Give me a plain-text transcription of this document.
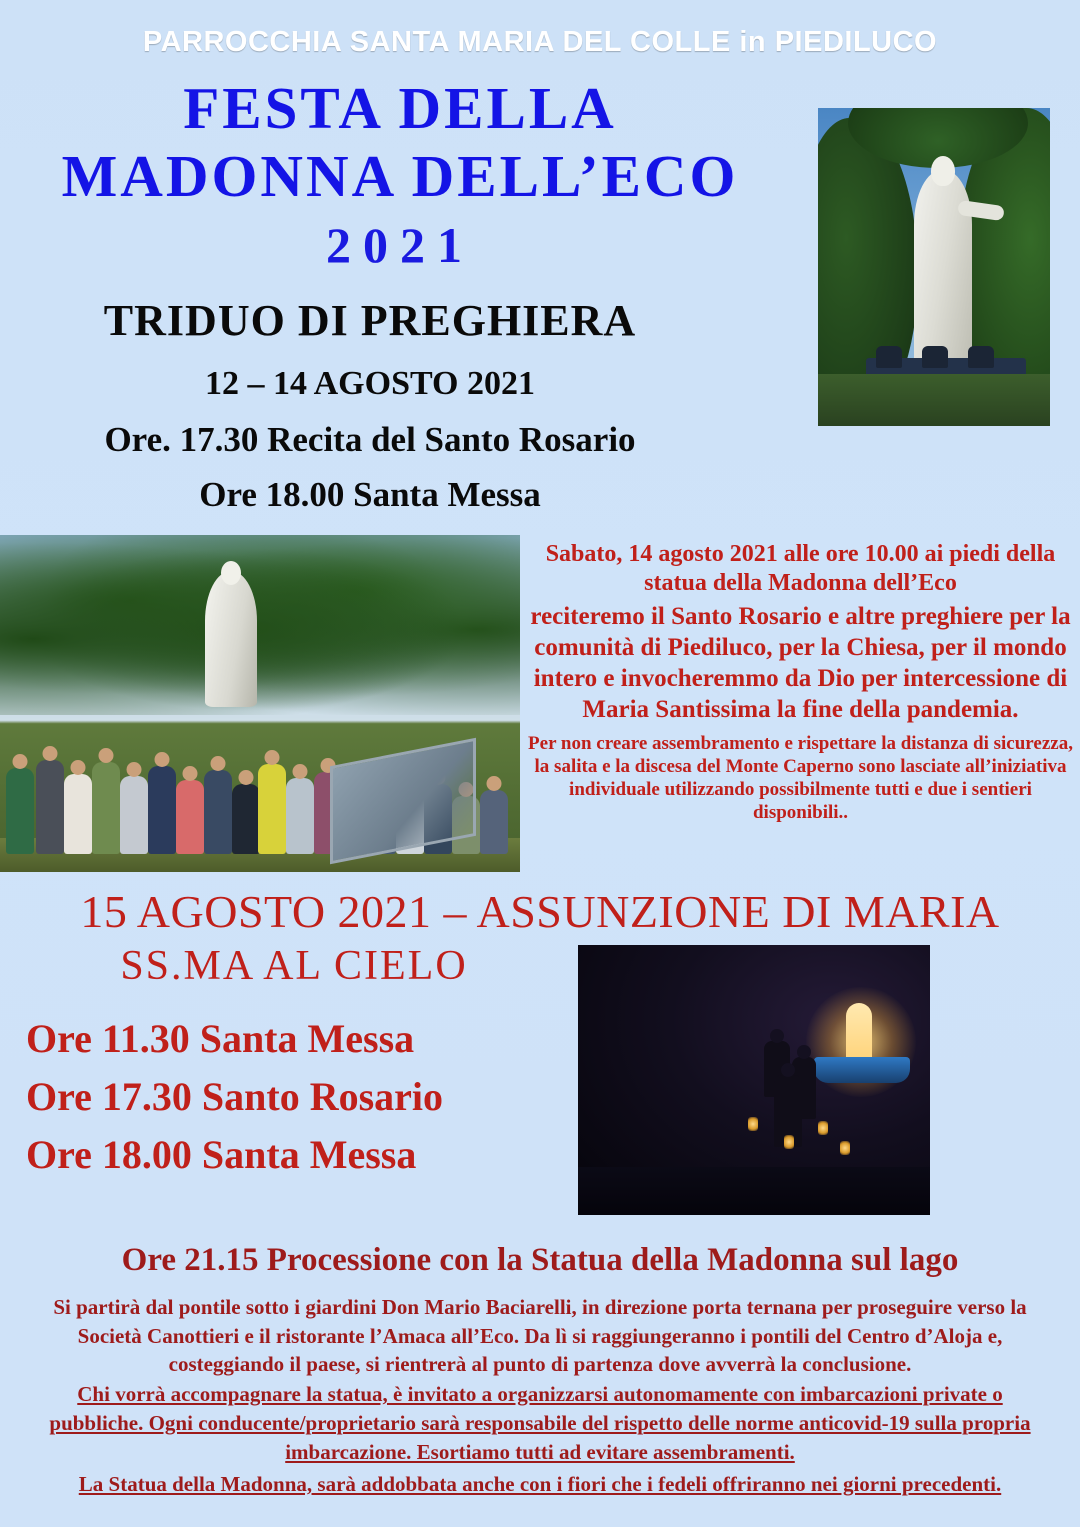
PARROCCHIA SANTA MARIA DEL COLLE in PIEDILUCO
FESTA DELLA
MADONNA DELL’ECO
2021
TRIDUO DI PREGHIERA
12 – 14 AGOSTO 2021
Ore. 17.30 Recita del Santo Rosario
Ore 18.00 Santa Messa
Sabato, 14 agosto 2021 alle ore 10.00 ai piedi della statua della Madonna dell’Eco
reciteremo il Santo Rosario e altre preghiere per la comunità di Piediluco, per la Chiesa, per il mondo intero e invocheremmo da Dio per intercessione di Maria Santissima la fine della pandemia.
Per non creare assembramento e rispettare la distanza di sicurezza, la salita e la discesa del Monte Caperno sono lasciate all’iniziativa individuale utilizzando possibilmente tutti e due i sentieri disponibili..
15 AGOSTO 2021 – ASSUNZIONE DI MARIA
SS.MA AL CIELO
Ore 11.30 Santa Messa
Ore 17.30 Santo Rosario
Ore 18.00 Santa Messa
Ore 21.15 Processione con la Statua della Madonna sul lago
Si partirà dal pontile sotto i giardini Don Mario Baciarelli, in direzione porta ternana per proseguire verso la Società Canottieri e il ristorante l’Amaca all’Eco. Da lì si raggiungeranno i pontili del Centro d’Aloja e, costeggiando il paese, si rientrerà al punto di partenza dove avverrà la conclusione.
Chi vorrà accompagnare la statua, è invitato a organizzarsi autonomamente con imbarcazioni private o pubbliche. Ogni conducente/proprietario sarà responsabile del rispetto delle norme anticovid-19 sulla propria imbarcazione. Esortiamo tutti ad evitare assembramenti.
La Statua della Madonna, sarà addobbata anche con i fiori che i fedeli offriranno nei giorni precedenti.
